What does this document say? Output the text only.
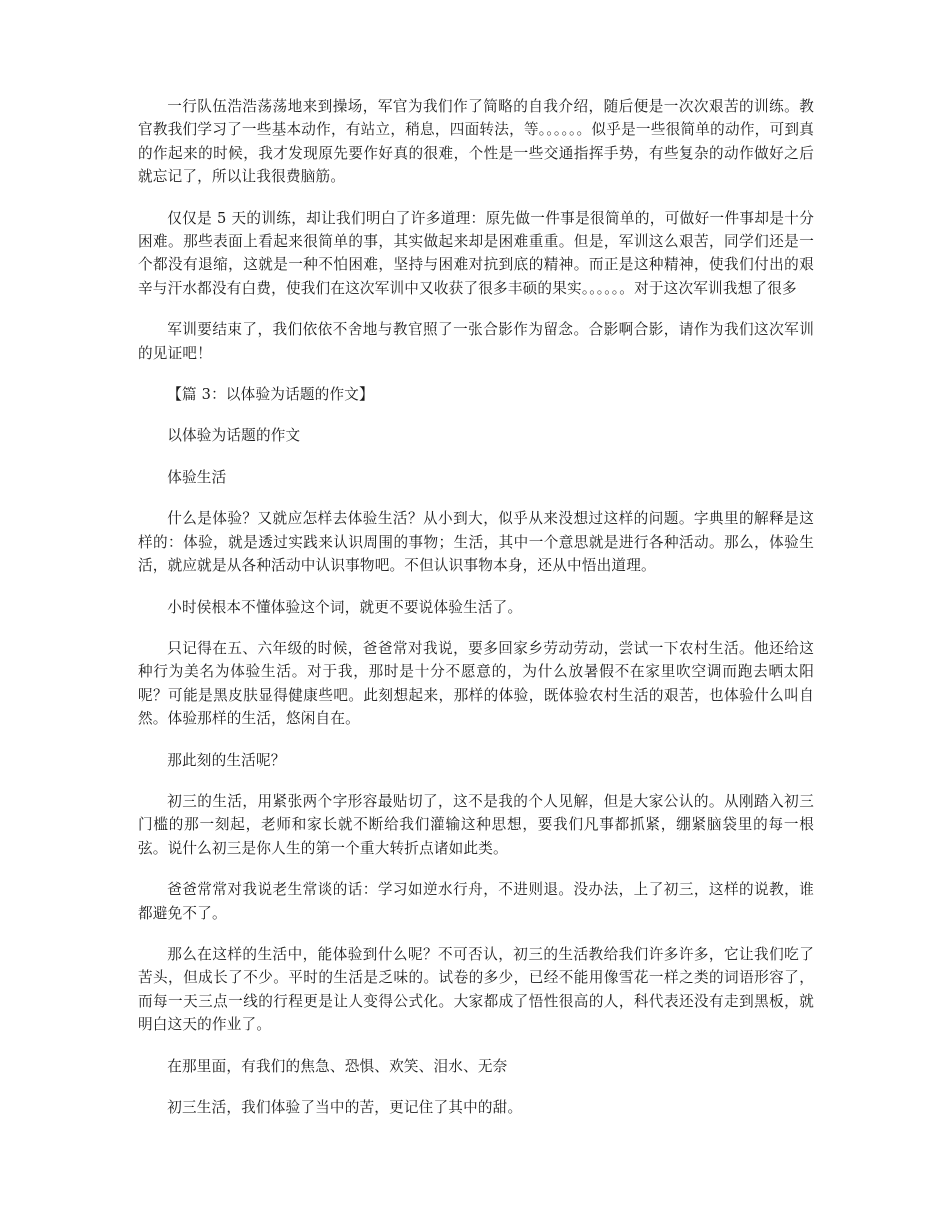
一行队伍浩浩荡荡地来到操场，军官为我们作了简略的自我介绍，随后便是一次次艰苦的训练。教官教我们学习了一些基本动作，有站立，稍息，四面转法，等。。。。。。似乎是一些很简单的动作，可到真的作起来的时候，我才发现原先要作好真的很难，个性是一些交通指挥手势，有些复杂的动作做好之后就忘记了，所以让我很费脑筋。

仅仅是 5 天的训练，却让我们明白了许多道理：原先做一件事是很简单的，可做好一件事却是十分困难。那些表面上看起来很简单的事，其实做起来却是困难重重。但是，军训这么艰苦，同学们还是一个都没有退缩，这就是一种不怕困难，坚持与困难对抗到底的精神。而正是这种精神，使我们付出的艰辛与汗水都没有白费，使我们在这次军训中又收获了很多丰硕的果实。。。。。。对于这次军训我想了很多

军训要结束了，我们依依不舍地与教官照了一张合影作为留念。合影啊合影，请作为我们这次军训的见证吧！

【篇 3：以体验为话题的作文】

以体验为话题的作文

体验生活

什么是体验？又就应怎样去体验生活？从小到大，似乎从来没想过这样的问题。字典里的解释是这样的：体验，就是透过实践来认识周围的事物；生活，其中一个意思就是进行各种活动。那么，体验生活，就应就是从各种活动中认识事物吧。不但认识事物本身，还从中悟出道理。

小时侯根本不懂体验这个词，就更不要说体验生活了。

只记得在五、六年级的时候，爸爸常对我说，要多回家乡劳动劳动，尝试一下农村生活。他还给这种行为美名为体验生活。对于我，那时是十分不愿意的，为什么放暑假不在家里吹空调而跑去晒太阳呢？可能是黑皮肤显得健康些吧。此刻想起来，那样的体验，既体验农村生活的艰苦，也体验什么叫自然。体验那样的生活，悠闲自在。

那此刻的生活呢？

初三的生活，用紧张两个字形容最贴切了，这不是我的个人见解，但是大家公认的。从刚踏入初三门槛的那一刻起，老师和家长就不断给我们灌输这种思想，要我们凡事都抓紧，绷紧脑袋里的每一根弦。说什么初三是你人生的第一个重大转折点诸如此类。

爸爸常常对我说老生常谈的话：学习如逆水行舟，不进则退。没办法，上了初三，这样的说教，谁都避免不了。

那么在这样的生活中，能体验到什么呢？不可否认，初三的生活教给我们许多许多，它让我们吃了苦头，但成长了不少。平时的生活是乏味的。试卷的多少，已经不能用像雪花一样之类的词语形容了，而每一天三点一线的行程更是让人变得公式化。大家都成了悟性很高的人，科代表还没有走到黑板，就明白这天的作业了。

在那里面，有我们的焦急、恐惧、欢笑、泪水、无奈

初三生活，我们体验了当中的苦，更记住了其中的甜。
